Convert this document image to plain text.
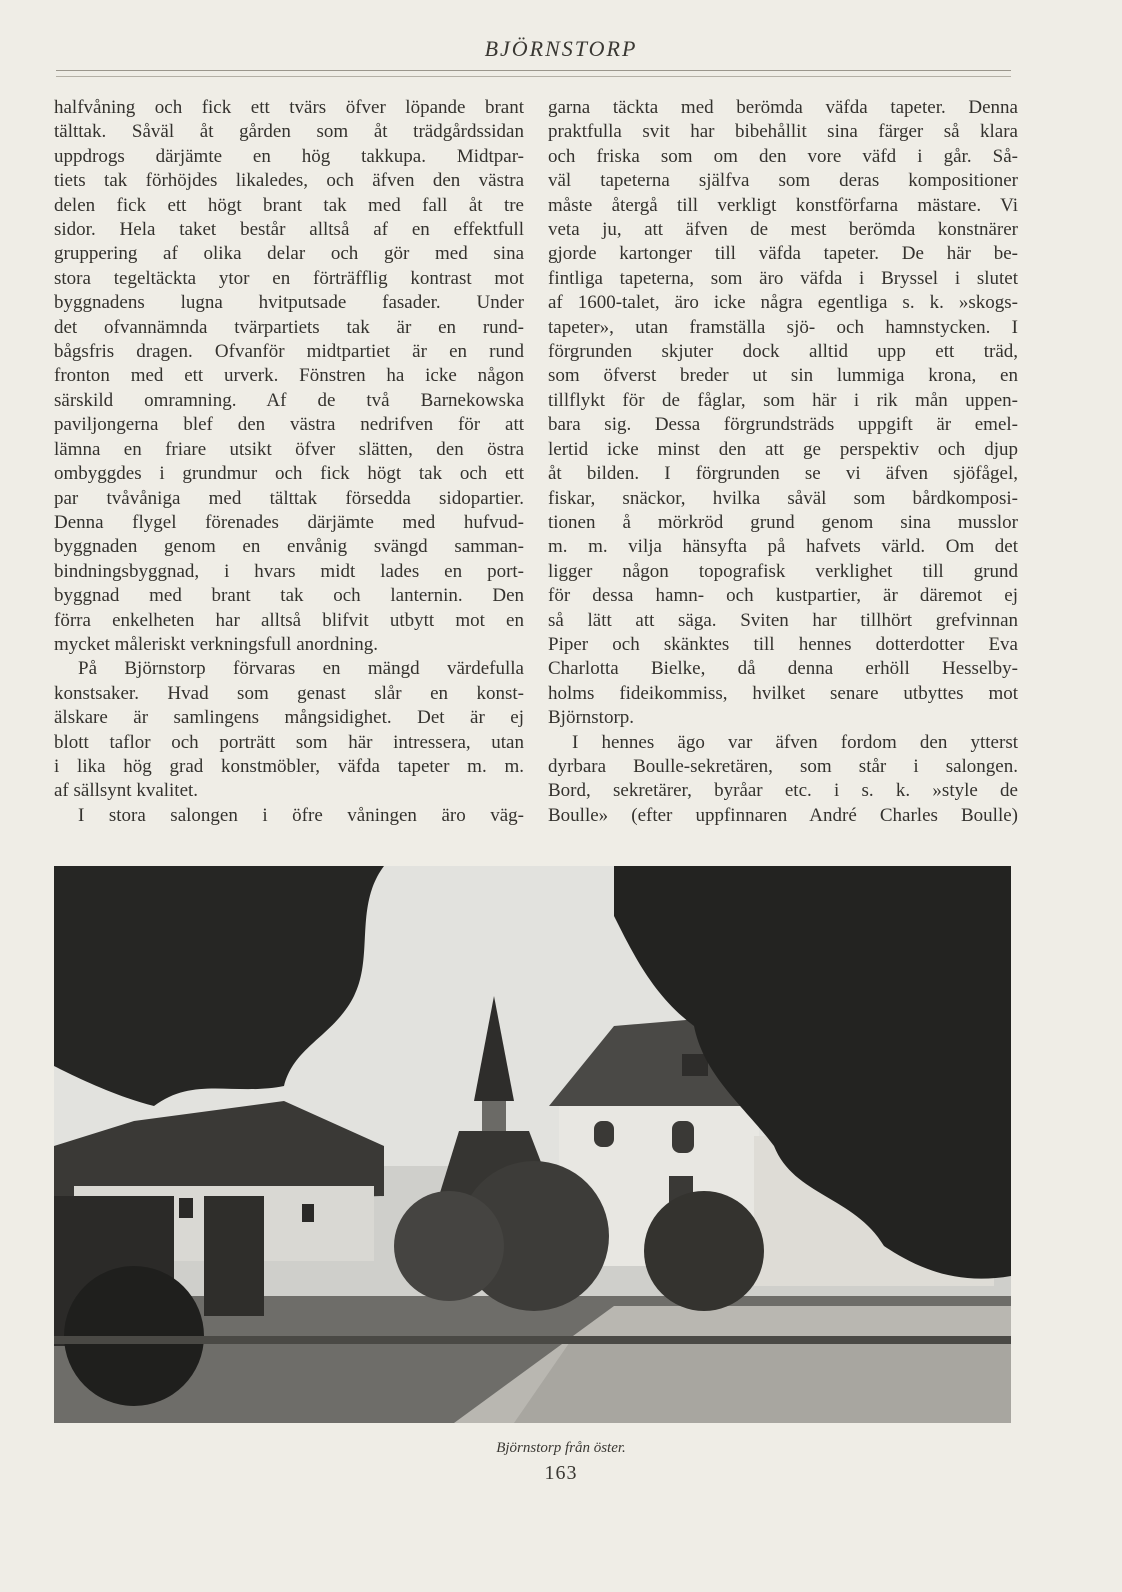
BJÖRNSTORP

halfvåning och fick ett tvärs öfver löpande brant

tälttak. Såväl åt gården som åt trädgårdssidan

uppdrogs därjämte en hög takkupa. Midtpar-

tiets tak förhöjdes likaledes, och äfven den västra

delen fick ett högt brant tak med fall åt tre

sidor. Hela taket består alltså af en effektfull

gruppering af olika delar och gör med sina

stora tegeltäckta ytor en förträfflig kontrast mot

byggnadens lugna hvitputsade fasader. Under

det ofvannämnda tvärpartiets tak är en rund-

bågsfris dragen. Ofvanför midtpartiet är en rund

fronton med ett urverk. Fönstren ha icke någon

särskild omramning. Af de två Barnekowska

paviljongerna blef den västra nedrifven för att

lämna en friare utsikt öfver slätten, den östra

ombyggdes i grundmur och fick högt tak och ett

par tvåvåniga med tälttak försedda sidopartier.

Denna flygel förenades därjämte med hufvud-

byggnaden genom en envånig svängd samman-

bindningsbyggnad, i hvars midt lades en port-

byggnad med brant tak och lanternin. Den

förra enkelheten har alltså blifvit utbytt mot en

mycket måleriskt verkningsfull anordning.

På Björnstorp förvaras en mängd värdefulla

konstsaker. Hvad som genast slår en konst-

älskare är samlingens mångsidighet. Det är ej

blott taflor och porträtt som här intressera, utan

i lika hög grad konstmöbler, väfda tapeter m. m.

af sällsynt kvalitet.

I stora salongen i öfre våningen äro väg-

garna täckta med berömda väfda tapeter. Denna

praktfulla svit har bibehållit sina färger så klara

och friska som om den vore väfd i går. Så-

väl tapeterna själfva som deras kompositioner

måste återgå till verkligt konstförfarna mästare. Vi

veta ju, att äfven de mest berömda konstnärer

gjorde kartonger till väfda tapeter. De här be-

fintliga tapeterna, som äro väfda i Bryssel i slutet

af 1600-talet, äro icke några egentliga s. k. »skogs-

tapeter», utan framställa sjö- och hamnstycken. I

förgrunden skjuter dock alltid upp ett träd,

som öfverst breder ut sin lummiga krona, en

tillflykt för de fåglar, som här i rik mån uppen-

bara sig. Dessa förgrundsträds uppgift är emel-

lertid icke minst den att ge perspektiv och djup

åt bilden. I förgrunden se vi äfven sjöfågel,

fiskar, snäckor, hvilka såväl som bårdkomposi-

tionen å mörkröd grund genom sina musslor

m. m. vilja hänsyfta på hafvets värld. Om det

ligger någon topografisk verklighet till grund

för dessa hamn- och kustpartier, är däremot ej

så lätt att säga. Sviten har tillhört grefvinnan

Piper och skänktes till hennes dotterdotter Eva

Charlotta Bielke, då denna erhöll Hesselby-

holms fideikommiss, hvilket senare utbyttes mot

Björnstorp.

I hennes ägo var äfven fordom den ytterst

dyrbara Boulle-sekretären, som står i salongen.

Bord, sekretärer, byråar etc. i s. k. »style de

Boulle» (efter uppfinnaren André Charles Boulle)

Björnstorp från öster.
163
